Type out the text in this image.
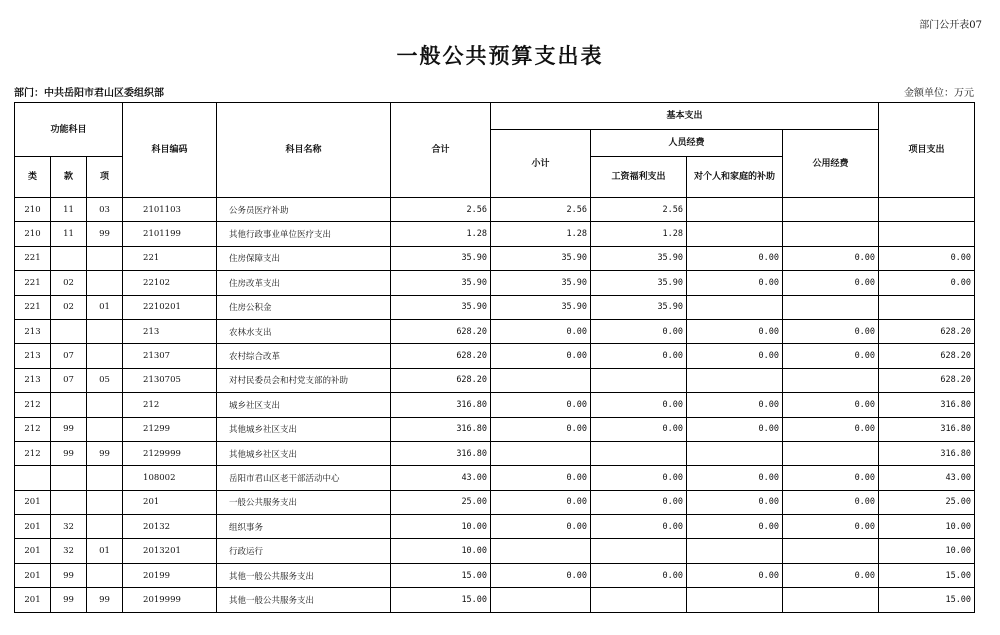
部门公开表07
一般公共预算支出表
部门：中共岳阳市君山区委组织部	金额单位：万元
功能科目			科目编码	科目名称	合计	基本支出				项目支出
						小计	人员经费		公用经费	
类	款	项					工资福利支出	对个人和家庭的补助		
210	11	03	2101103	公务员医疗补助	2.56	2.56	2.56			
210	11	99	2101199	其他行政事业单位医疗支出	1.28	1.28	1.28			
221			221	住房保障支出	35.90	35.90	35.90	0.00	0.00	0.00
221	02		22102	住房改革支出	35.90	35.90	35.90	0.00	0.00	0.00
221	02	01	2210201	住房公积金	35.90	35.90	35.90			
213			213	农林水支出	628.20	0.00	0.00	0.00	0.00	628.20
213	07		21307	农村综合改革	628.20	0.00	0.00	0.00	0.00	628.20
213	07	05	2130705	对村民委员会和村党支部的补助	628.20					628.20
212			212	城乡社区支出	316.80	0.00	0.00	0.00	0.00	316.80
212	99		21299	其他城乡社区支出	316.80	0.00	0.00	0.00	0.00	316.80
212	99	99	2129999	其他城乡社区支出	316.80					316.80
			108002	岳阳市君山区老干部活动中心	43.00	0.00	0.00	0.00	0.00	43.00
201			201	一般公共服务支出	25.00	0.00	0.00	0.00	0.00	25.00
201	32		20132	组织事务	10.00	0.00	0.00	0.00	0.00	10.00
201	32	01	2013201	行政运行	10.00					10.00
201	99		20199	其他一般公共服务支出	15.00	0.00	0.00	0.00	0.00	15.00
201	99	99	2019999	其他一般公共服务支出	15.00					15.00
